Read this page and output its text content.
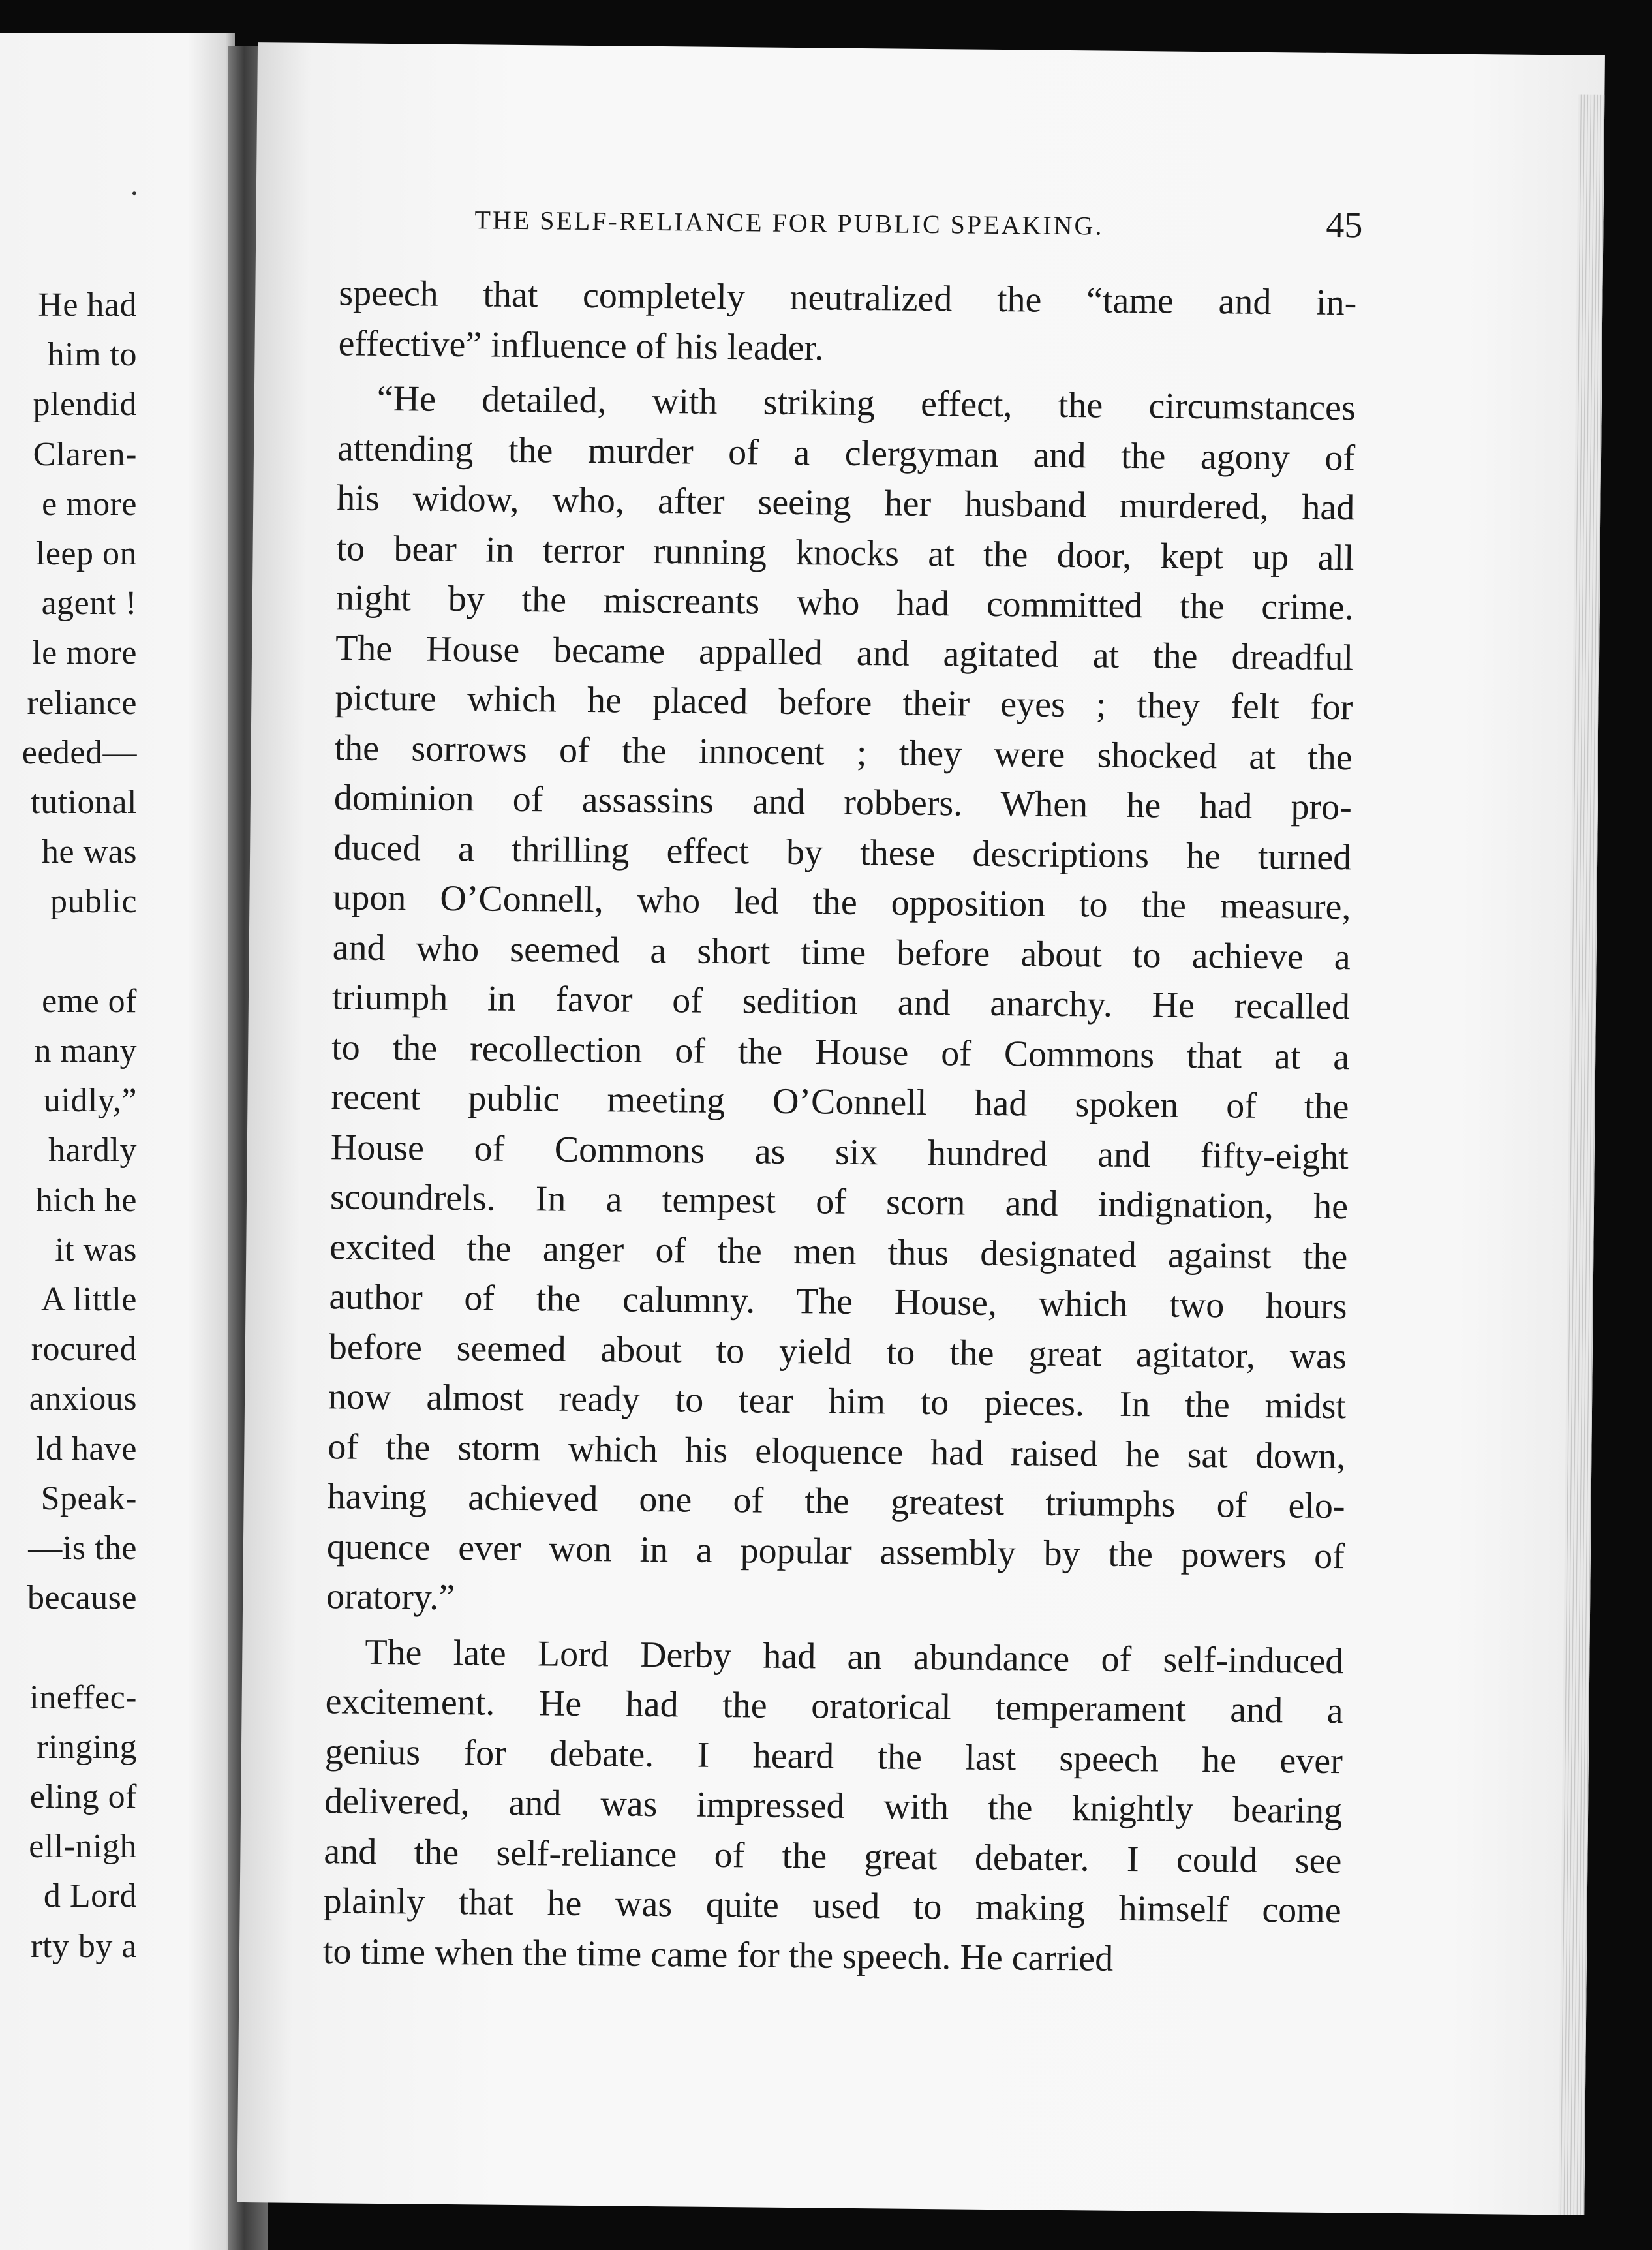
He had
him to
plendid
Claren-
e more
leep on
agent !
le more
reliance
eeded—
tutional
he was
public
eme of
n many
uidly,”
hardly
hich he
it was
A little
rocured
anxious
ld have
Speak-
—is the
because
ineffec-
ringing
eling of
ell-nigh
d Lord
rty by a
THE SELF-RELIANCE FOR PUBLIC SPEAKING.	45
speech that completely neutralized the “tame and in-
effective” influence of his leader.
“He detailed, with striking effect, the circumstances
attending the murder of a clergyman and the agony of
his widow, who, after seeing her husband murdered, had
to bear in terror running knocks at the door, kept up all
night by the miscreants who had committed the crime.
The House became appalled and agitated at the dreadful
picture which he placed before their eyes ; they felt for
the sorrows of the innocent ; they were shocked at the
dominion of assassins and robbers. When he had pro-
duced a thrilling effect by these descriptions he turned
upon O’Connell, who led the opposition to the measure,
and who seemed a short time before about to achieve a
triumph in favor of sedition and anarchy. He recalled
to the recollection of the House of Commons that at a
recent public meeting O’Connell had spoken of the
House of Commons as six hundred and fifty-eight
scoundrels. In a tempest of scorn and indignation, he
excited the anger of the men thus designated against the
author of the calumny. The House, which two hours
before seemed about to yield to the great agitator, was
now almost ready to tear him to pieces. In the midst
of the storm which his eloquence had raised he sat down,
having achieved one of the greatest triumphs of elo-
quence ever won in a popular assembly by the powers of
oratory.”
The late Lord Derby had an abundance of self-induced
excitement. He had the oratorical temperament and a
genius for debate. I heard the last speech he ever
delivered, and was impressed with the knightly bearing
and the self-reliance of the great debater. I could see
plainly that he was quite used to making himself come
to time when the time came for the speech. He carried
